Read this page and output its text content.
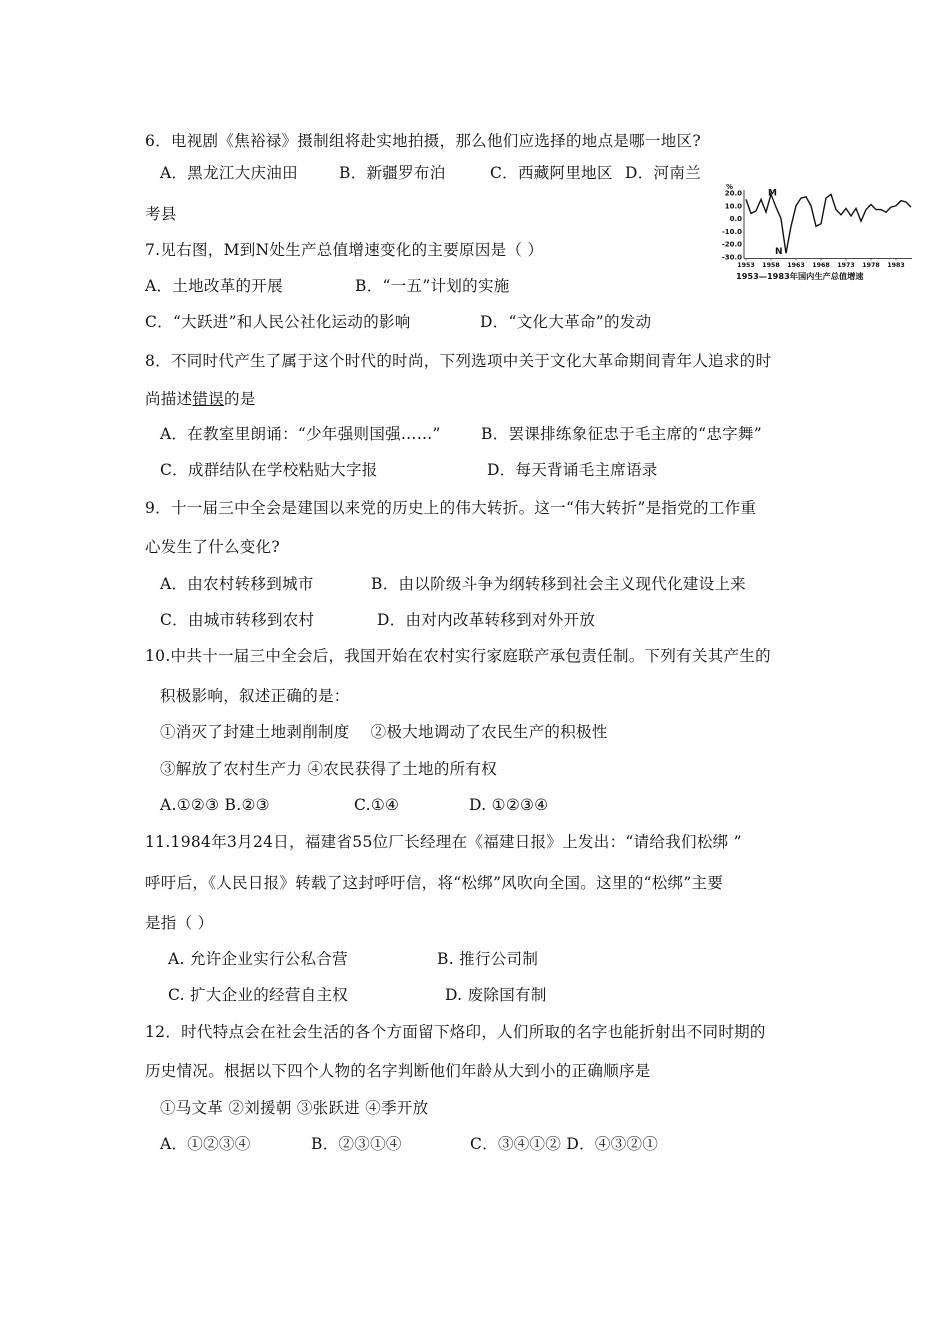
6．电视剧《焦裕禄》摄制组将赴实地拍摄，那么他们应选择的地点是哪一地区?
A．黑龙江大庆油田	B．新疆罗布泊	C．西藏阿里地区 D．河南兰
考县
%
20.0
10.0
0.0
-10.0
-20.0
-30.0
1953 1958 1963 1968 1973 1978 1983
M
N
1953—1983年国内生产总值增速
7.见右图，M到N处生产总值增速变化的主要原因是（ ）
A．土地改革的开展	B．“一五”计划的实施
C．“大跃进”和人民公社化运动的影响	D．“文化大革命”的发动
8．不同时代产生了属于这个时代的时尚，下列选项中关于文化大革命期间青年人追求的时
尚描述错误的是
A．在教室里朗诵：“少年强则国强……”	B．罢课排练象征忠于毛主席的“忠字舞”
C．成群结队在学校粘贴大字报	D．每天背诵毛主席语录
9．十一届三中全会是建国以来党的历史上的伟大转折。这一“伟大转折”是指党的工作重
心发生了什么变化?
A．由农村转移到城市	B．由以阶级斗争为纲转移到社会主义现代化建设上来
C．由城市转移到农村	D．由对内改革转移到对外开放
10.中共十一届三中全会后，我国开始在农村实行家庭联产承包责任制。下列有关其产生的
积极影响，叙述正确的是：
①消灭了封建土地剥削制度　 ②极大地调动了农民生产的积极性
③解放了农村生产力 ④农民获得了土地的所有权
A.①②③ B.②③	C.①④	D. ①②③④
11.1984年3月24日，福建省55位厂长经理在《福建日报》上发出：“请给我们松绑 ”
呼吁后，《人民日报》转载了这封呼吁信，将“松绑”风吹向全国。这里的“松绑”主要
是指（ ）
A. 允许企业实行公私合营	B. 推行公司制
C. 扩大企业的经营自主权	D. 废除国有制
12．时代特点会在社会生活的各个方面留下烙印，人们所取的名字也能折射出不同时期的
历史情况。根据以下四个人物的名字判断他们年龄从大到小的正确顺序是
①马文革 ②刘援朝 ③张跃进 ④季开放
A．①②③④	B．②③①④	C．③④①② D．④③②①
